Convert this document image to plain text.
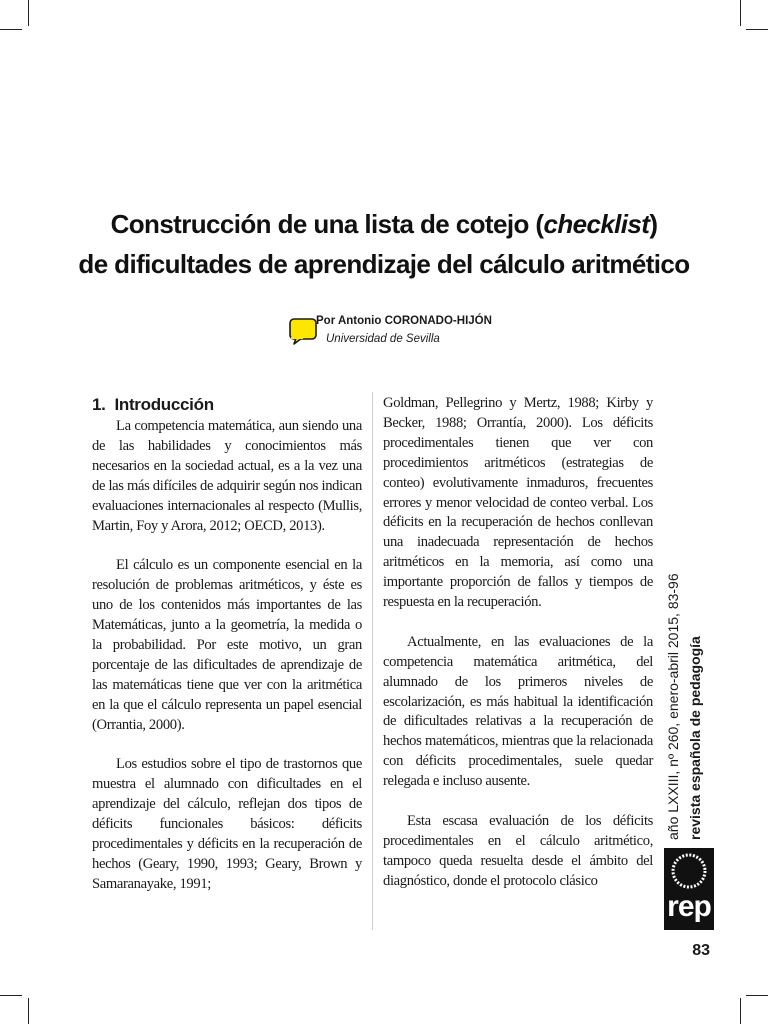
Construcción de una lista de cotejo (checklist)
de dificultades de aprendizaje del cálculo aritmético
Por Antonio CORONADO-HIJÓN
Universidad de Sevilla
1. Introducción

La competencia matemática, aun siendo una de las habilidades y conocimientos más necesarios en la sociedad actual, es a la vez una de las más difíciles de adquirir según nos indican evaluaciones internacionales al respecto (Mullis, Martin, Foy y Arora, 2012; OECD, 2013).

El cálculo es un componente esencial en la resolución de problemas aritméticos, y éste es uno de los contenidos más importantes de las Matemáticas, junto a la geometría, la medida o la probabilidad. Por este motivo, un gran porcentaje de las dificultades de aprendizaje de las matemáticas tiene que ver con la aritmética en la que el cálculo representa un papel esencial (Orrantia, 2000).

Los estudios sobre el tipo de trastornos que muestra el alumnado con dificultades en el aprendizaje del cálculo, reflejan dos tipos de déficits funcionales básicos: déficits procedimentales y déficits en la recuperación de hechos (Geary, 1990, 1993; Geary, Brown y Samaranayake, 1991;

Goldman, Pellegrino y Mertz, 1988; Kirby y Becker, 1988; Orrantía, 2000). Los déficits procedimentales tienen que ver con procedimientos aritméticos (estrategias de conteo) evolutivamente inmaduros, frecuentes errores y menor velocidad de conteo verbal. Los déficits en la recuperación de hechos conllevan una inadecuada representación de hechos aritméticos en la memoria, así como una importante proporción de fallos y tiempos de respuesta en la recuperación.

Actualmente, en las evaluaciones de la competencia matemática aritmética, del alumnado de los primeros niveles de escolarización, es más habitual la identificación de dificultades relativas a la recuperación de hechos matemáticos, mientras que la relacionada con déficits procedimentales, suele quedar relegada e incluso ausente.

Esta escasa evaluación de los déficits procedimentales en el cálculo aritmético, tampoco queda resuelta desde el ámbito del diagnóstico, donde el protocolo clásico

revista española de pedagogía
año LXXIII, nº 260, enero-abril 2015, 83-96
rep
83
